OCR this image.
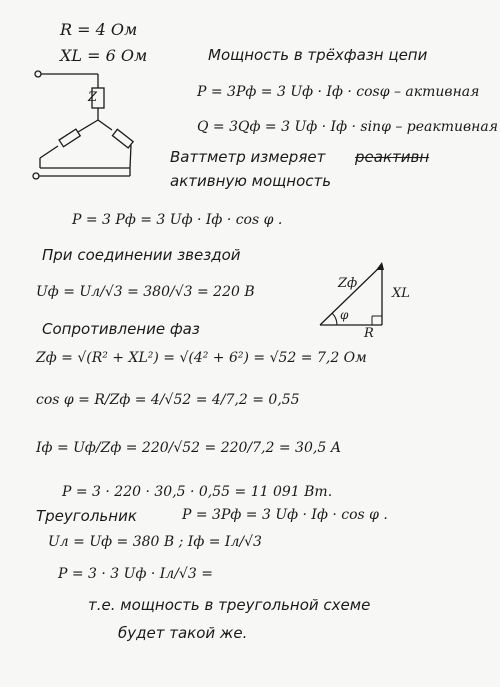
Zф
XL
φ
R
R = 4 Ом
XL = 6 Ом
Z
Мощность в трёхфазн цепи
P = 3Pф = 3 Uф · Iф · cosφ – активная
Q = 3Qф = 3 Uф · Iф · sinφ – реактивная
Ваттметр измеряет реактивн
активную мощность
P = 3 Pф = 3 Uф · Iф · cos φ .
При соединении звездой
Uф = Uл/√3 = 380/√3 = 220 В
Сопротивление фаз
Zф = √(R² + XL²) = √(4² + 6²) = √52 = 7,2 Ом
cos φ = R/Zф = 4/√52 = 4/7,2 = 0,55
Iф = Uф/Zф = 220/√52 = 220/7,2 = 30,5 А
P = 3 · 220 · 30,5 · 0,55 = 11 091 Вт.
Треугольник	P = 3Pф = 3 Uф · Iф · cos φ .
Uл = Uф = 380 В ; Iф = Iл/√3
P = 3 · 3 Uф · Iл/√3 =
т.е. мощность в треугольной схеме
будет такой же.
